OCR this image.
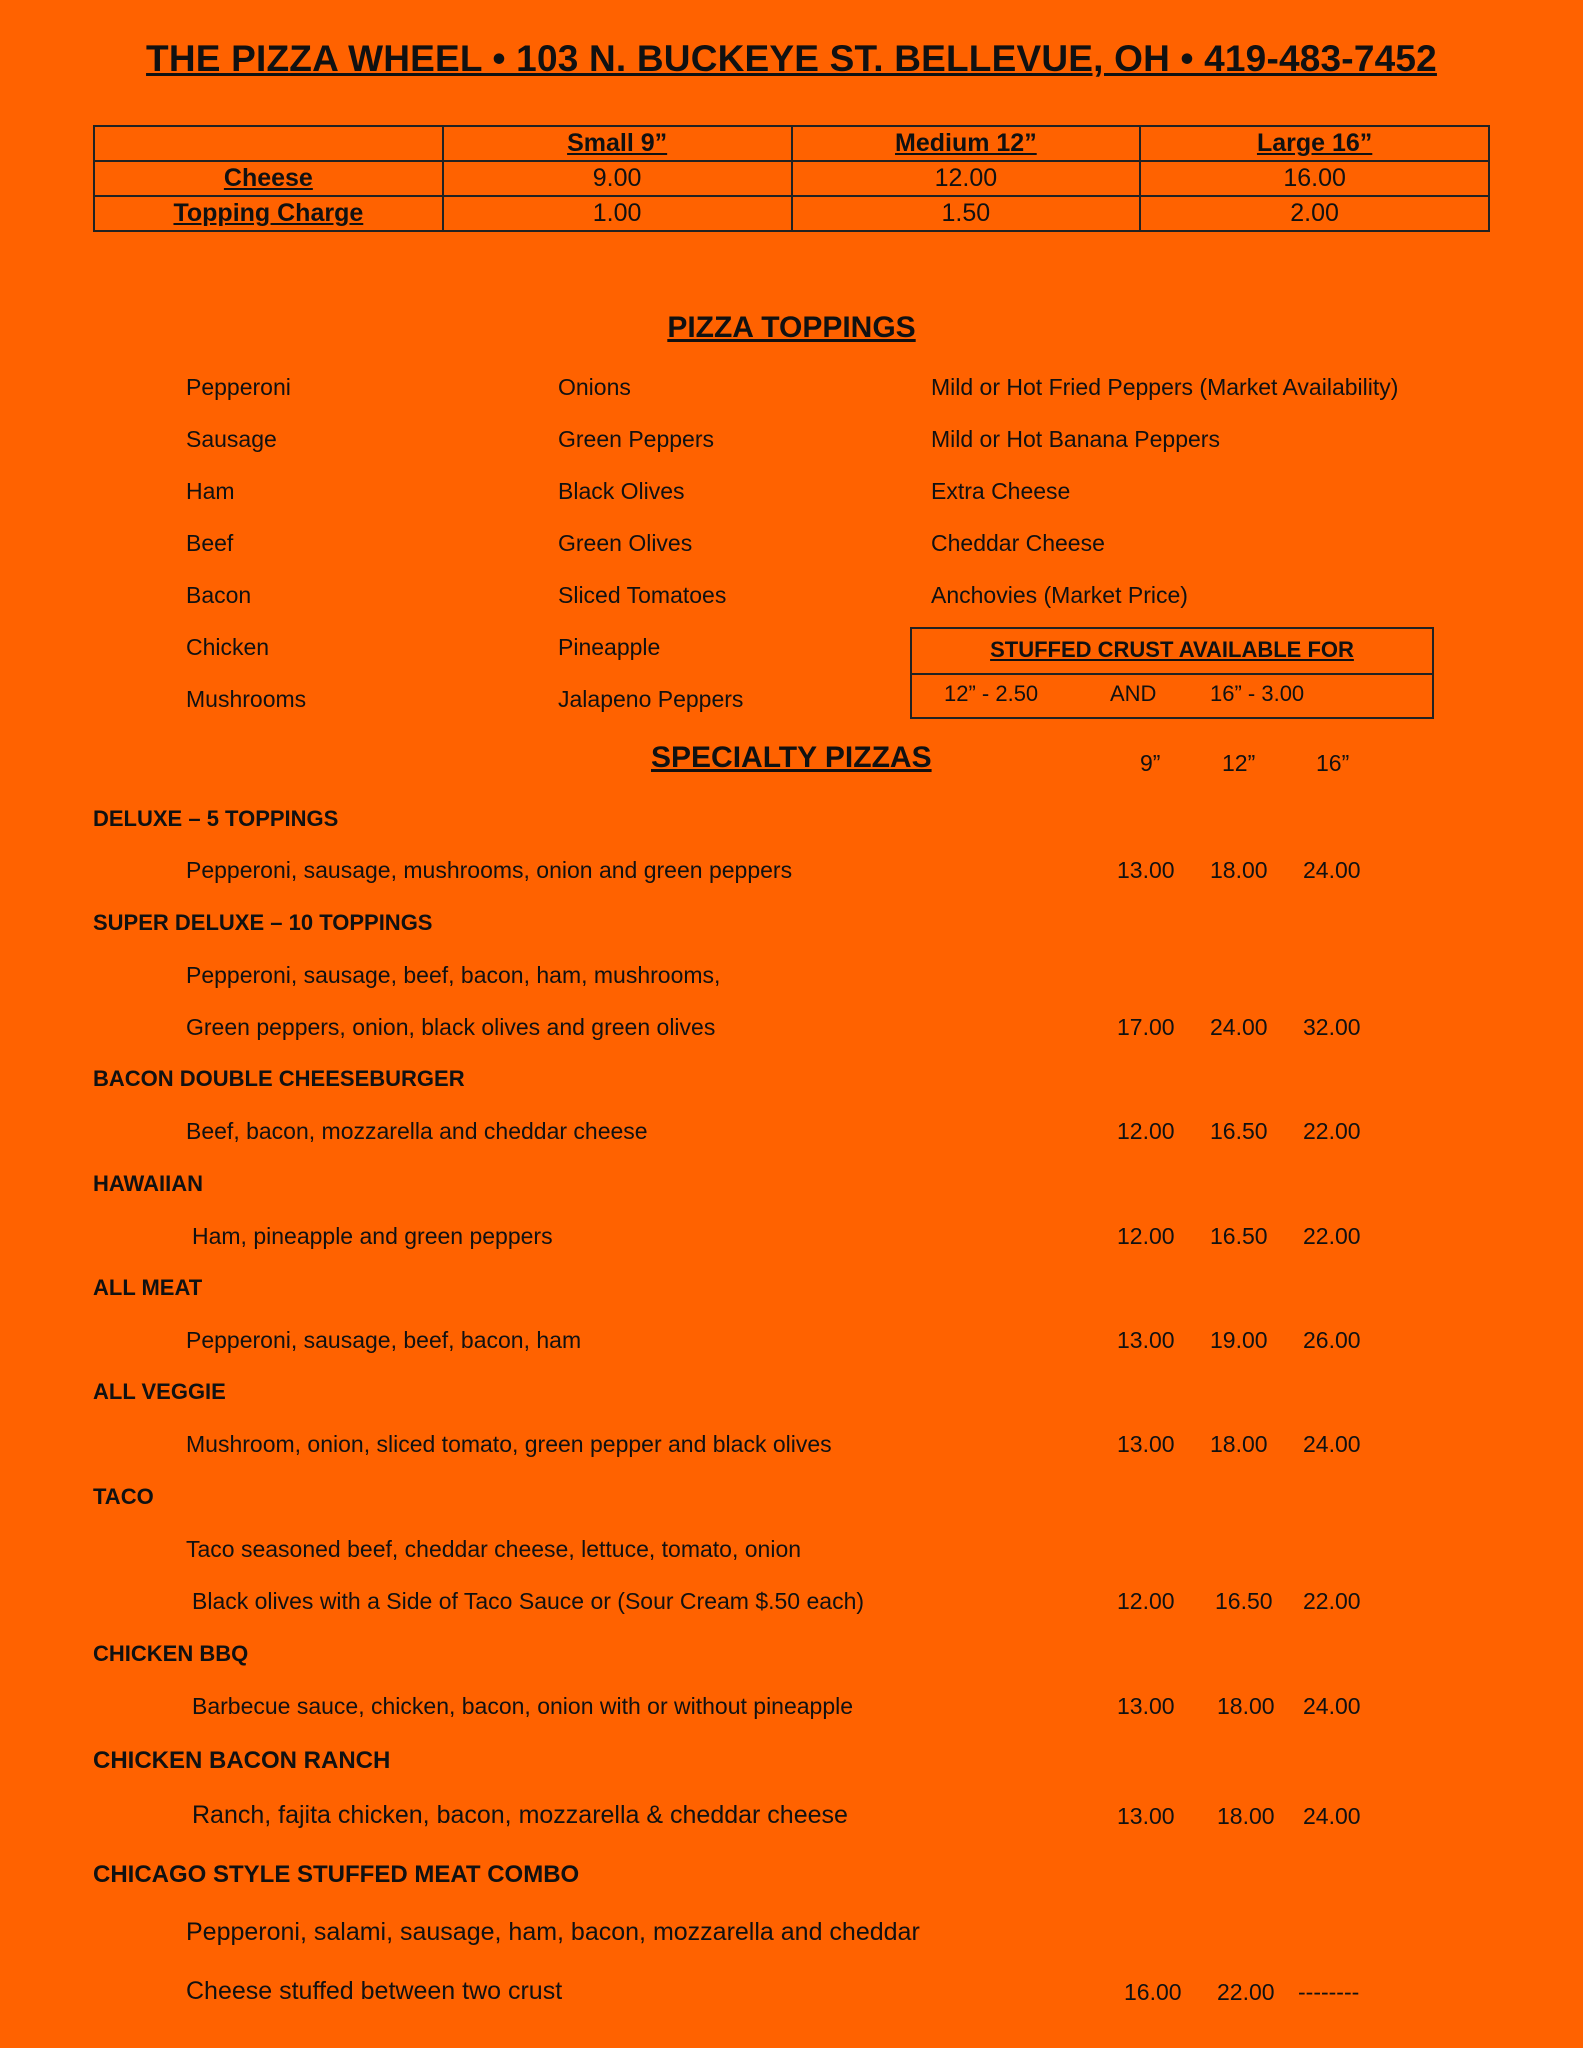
THE PIZZA WHEEL • 103 N. BUCKEYE ST. BELLEVUE, OH • 419-483-7452
	Small 9”	Medium 12”	Large 16”
Cheese	9.00	12.00	16.00
Topping Charge	1.00	1.50	2.00
PIZZA TOPPINGS
Pepperoni
Sausage
Ham
Beef
Bacon
Chicken
Mushrooms
Onions
Green Peppers
Black Olives
Green Olives
Sliced Tomatoes
Pineapple
Jalapeno Peppers
Mild or Hot Fried Peppers (Market Availability)
Mild or Hot Banana Peppers
Extra Cheese
Cheddar Cheese
Anchovies (Market Price)
STUFFED CRUST AVAILABLE FOR
12” - 2.50	AND 16” - 3.00
SPECIALTY PIZZAS	9”	12”	16”
DELUXE – 5 TOPPINGS
Pepperoni, sausage, mushrooms, onion and green peppers	13.00 18.00 24.00
SUPER DELUXE – 10 TOPPINGS
Pepperoni, sausage, beef, bacon, ham, mushrooms,
Green peppers, onion, black olives and green olives	17.00 24.00 32.00
BACON DOUBLE CHEESEBURGER
Beef, bacon, mozzarella and cheddar cheese	12.00 16.50 22.00
HAWAIIAN
Ham, pineapple and green peppers	12.00 16.50 22.00
ALL MEAT
Pepperoni, sausage, beef, bacon, ham	13.00 19.00 26.00
ALL VEGGIE
Mushroom, onion, sliced tomato, green pepper and black olives	13.00 18.00 24.00
TACO
Taco seasoned beef, cheddar cheese, lettuce, tomato, onion
Black olives with a Side of Taco Sauce or (Sour Cream $.50 each)	12.00 16.50 22.00
CHICKEN BBQ
Barbecue sauce, chicken, bacon, onion with or without pineapple	13.00 18.00 24.00
CHICKEN BACON RANCH
Ranch, fajita chicken, bacon, mozzarella & cheddar cheese	13.00 18.00 24.00
CHICAGO STYLE STUFFED MEAT COMBO
Pepperoni, salami, sausage, ham, bacon, mozzarella and cheddar
Cheese stuffed between two crust	16.00 22.00 --------
